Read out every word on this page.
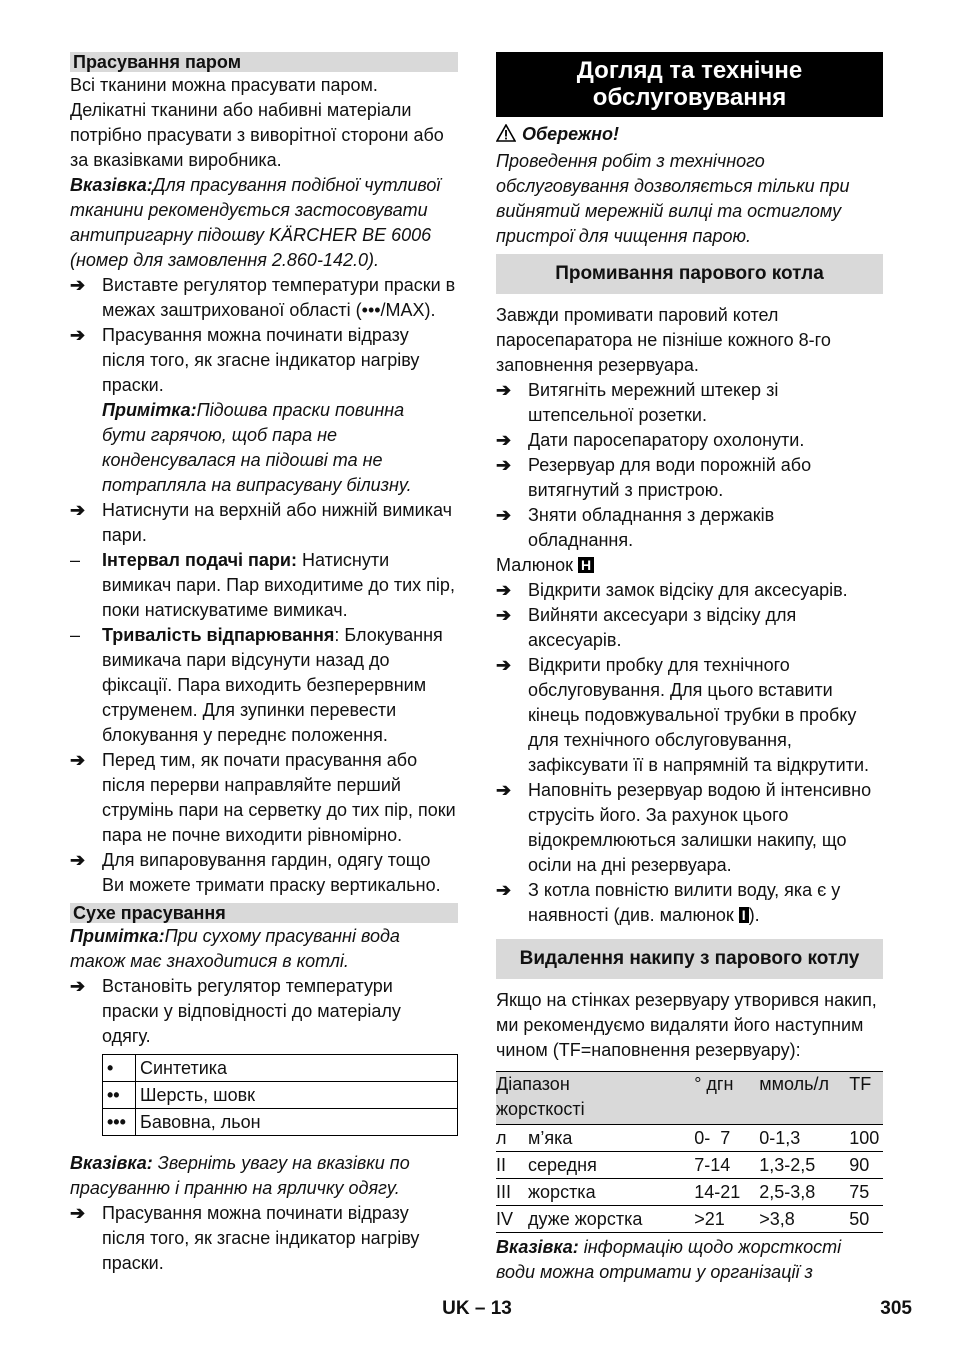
Прасування паром
Всі тканини можна прасувати паром.
Делікатні тканини або набивні матеріали
потрібно прасувати з виворітної сторони або
за вказівками виробника.
Вказівка:Для прасування подібної чутливої
тканини рекомендується застосовувати
антипригарну підошву KÄRCHER BE 6006
(номер для замовлення 2.860-142.0).
➔ Виставте регулятор температури праски в
межах заштрихованої області (•••/MAX).
➔ Прасування можна починати відразу
після того, як згасне індикатор нагріву
праски.
Примітка:Підошва праски повинна
бути гарячою, щоб пара не
конденсувалася на підошві та не
потрапляла на випрасувану білизну.
➔ Натиснути на верхній або нижній вимикач
пари.
–	Інтервал подачі пари: Натиснути
вимикач пари. Пар виходитиме до тих пір,
поки натискуватиме вимикач.
–	Тривалість відпарювання: Блокування
вимикача пари відсунути назад до
фіксації. Пара виходить безперервним
струменем. Для зупинки перевести
блокування у переднє положення.
➔ Перед тим, як почати прасування або
після перерви направляйте перший
струмінь пари на серветку до тих пір, поки
пара не почне виходити рівномірно.
➔ Для випаровування гардин, одягу тощо
Ви можете тримати праску вертикально.
Сухе прасування
Примітка:При сухому прасуванні вода
також має знаходитися в котлі.
➔ Встановіть регулятор температури
праски у відповідності до матеріалу
одягу.
•	Синтетика
••	Шерсть, шовк
•••	Бавовна, льон
Вказівка: Зверніть увагу на вказівки по
прасуванню і пранню на ярличку одягу.
➔ Прасування можна починати відразу
після того, як згасне індикатор нагріву
праски.
Догляд та технічне
обслуговування
Обережно!
Проведення робіт з технічного
обслуговування дозволяється тільки при
вийнятий мережній вилці та остиглому
пристрої для чищення парою.
Промивання парового котла
Завжди промивати паровий котел
паросепаратора не пізніше кожного 8-го
заповнення резервуара.
➔ Витягніть мережний штекер зі
штепсельної розетки.
➔ Дати паросепаратору охолонути.
➔ Резервуар для води порожній або
витягнутий з пристрою.
➔ Зняти обладнання з держаків
обладнання.
Малюнок H
➔ Відкрити замок відсіку для аксесуарів.
➔ Вийняти аксесуари з відсіку для
аксесуарів.
➔ Відкрити пробку для технічного
обслуговування. Для цього вставити
кінець подовжувальної трубки в пробку
для технічного обслуговування,
зафіксувати її в напрямній та відкрутити.
➔ Наповніть резервуар водою й інтенсивно
струсіть його. За рахунок цього
відокремлюються залишки накипу, що
осіли на дні резервуара.
➔ З котла повністю вилити воду, яка є у
наявності (див. малюнок I ).
Видалення накипу з парового котлу
Якщо на стінках резервуару утворився накип,
ми рекомендуємо видаляти його наступним
чином (TF=наповнення резервуару):
Діапазон
жорсткості		° дгн	ммоль/л	TF
л	м’яка	0-  7	0-1,3	100
II	середня	7-14	1,3-2,5	90
III	жорстка	14-21	2,5-3,8	75
IV	дуже жорстка	>21	>3,8	50
Вказівка: інформацію щодо жорсткості
води можна отримати у організації з
UK – 13	305
